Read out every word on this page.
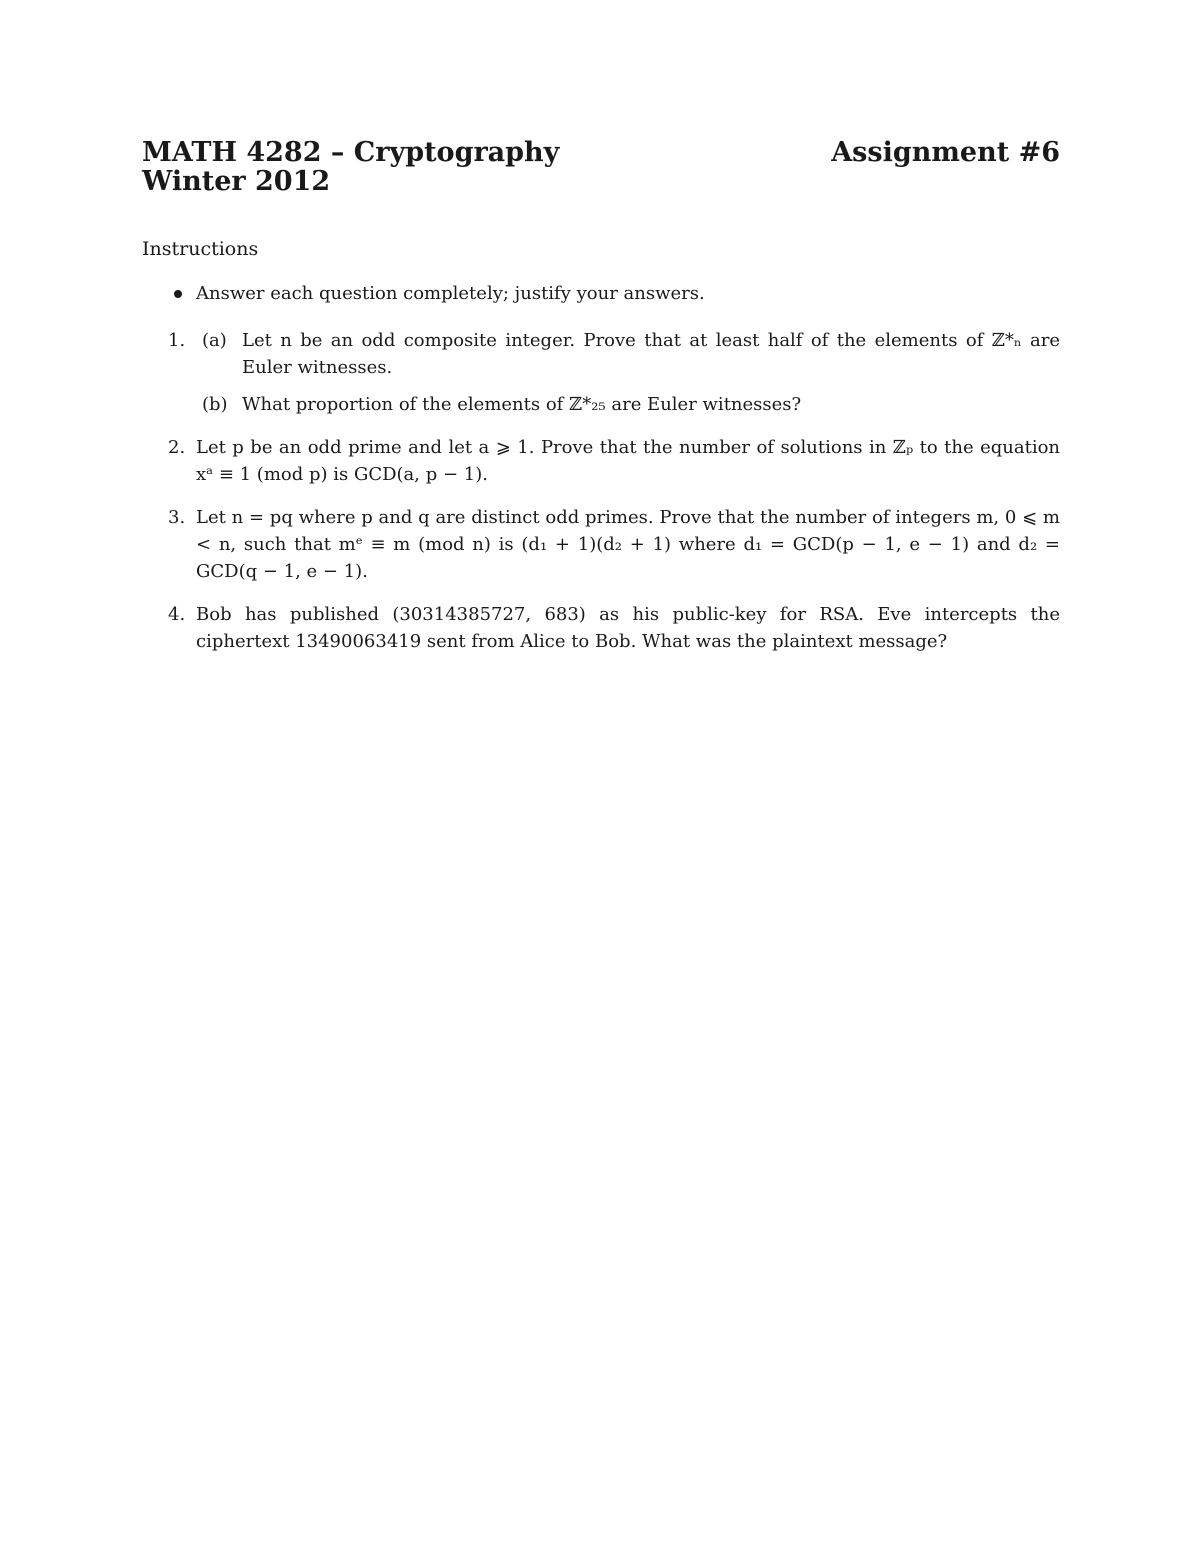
MATH 4282 – Cryptography	Assignment #6
Winter 2012
Instructions
Answer each question completely; justify your answers.
1. (a) Let n be an odd composite integer. Prove that at least half of the elements of ℤ*ₙ are Euler witnesses.
(b) What proportion of the elements of ℤ*₂₅ are Euler witnesses?
2. Let p be an odd prime and let a ⩾ 1. Prove that the number of solutions in ℤₚ to the equation xᵃ ≡ 1 (mod p) is GCD(a, p − 1).
3. Let n = pq where p and q are distinct odd primes. Prove that the number of integers m, 0 ⩽ m < n, such that mᵉ ≡ m (mod n) is (d₁ + 1)(d₂ + 1) where d₁ = GCD(p − 1, e − 1) and d₂ = GCD(q − 1, e − 1).
4. Bob has published (30314385727, 683) as his public-key for RSA. Eve intercepts the ciphertext 13490063419 sent from Alice to Bob. What was the plaintext message?
